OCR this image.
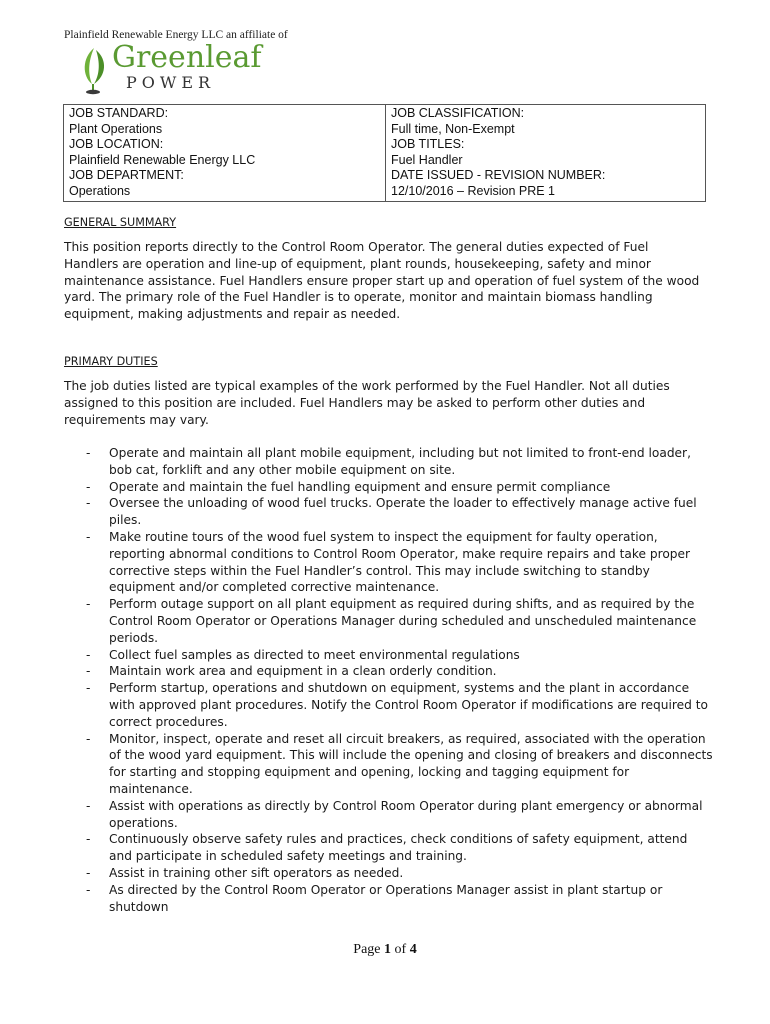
Plainfield Renewable Energy LLC an affiliate of
Greenleaf
POWER
JOB STANDARD:
Plant Operations
JOB LOCATION:
Plainfield Renewable Energy LLC
JOB DEPARTMENT:
Operations

JOB CLASSIFICATION:
Full time, Non-Exempt
JOB TITLES:
Fuel Handler
DATE ISSUED - REVISION NUMBER:
12/10/2016 – Revision PRE 1
GENERAL SUMMARY
This position reports directly to the Control Room Operator. The general duties expected of Fuel Handlers are operation and line-up of equipment, plant rounds, housekeeping, safety and minor maintenance assistance. Fuel Handlers ensure proper start up and operation of fuel system of the wood yard. The primary role of the Fuel Handler is to operate, monitor and maintain biomass handling equipment, making adjustments and repair as needed.
PRIMARY DUTIES
The job duties listed are typical examples of the work performed by the Fuel Handler. Not all duties assigned to this position are included. Fuel Handlers may be asked to perform other duties and requirements may vary.
- Operate and maintain all plant mobile equipment, including but not limited to front-end loader, bob cat, forklift and any other mobile equipment on site.
- Operate and maintain the fuel handling equipment and ensure permit compliance
- Oversee the unloading of wood fuel trucks. Operate the loader to effectively manage active fuel piles.
- Make routine tours of the wood fuel system to inspect the equipment for faulty operation, reporting abnormal conditions to Control Room Operator, make require repairs and take proper corrective steps within the Fuel Handler’s control. This may include switching to standby equipment and/or completed corrective maintenance.
- Perform outage support on all plant equipment as required during shifts, and as required by the Control Room Operator or Operations Manager during scheduled and unscheduled maintenance periods.
- Collect fuel samples as directed to meet environmental regulations
- Maintain work area and equipment in a clean orderly condition.
- Perform startup, operations and shutdown on equipment, systems and the plant in accordance with approved plant procedures. Notify the Control Room Operator if modifications are required to correct procedures.
- Monitor, inspect, operate and reset all circuit breakers, as required, associated with the operation of the wood yard equipment. This will include the opening and closing of breakers and disconnects for starting and stopping equipment and opening, locking and tagging equipment for maintenance.
- Assist with operations as directly by Control Room Operator during plant emergency or abnormal operations.
- Continuously observe safety rules and practices, check conditions of safety equipment, attend and participate in scheduled safety meetings and training.
- Assist in training other sift operators as needed.
- As directed by the Control Room Operator or Operations Manager assist in plant startup or shutdown
Page 1 of 4
